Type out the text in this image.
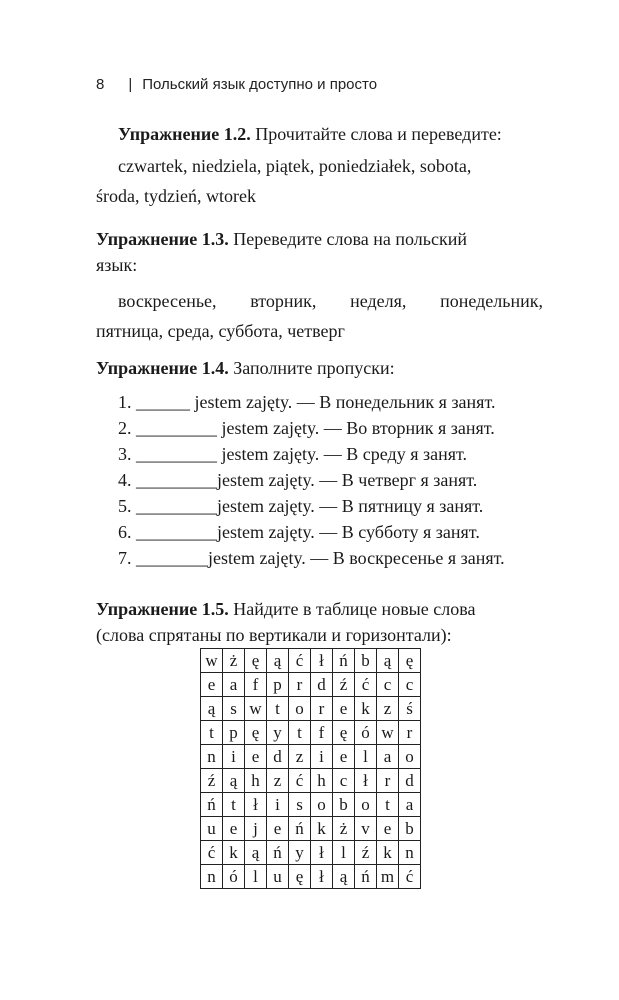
8 | Польский язык доступно и просто
Упражнение 1.2. Прочитайте слова и переведите:
czwartek, niedziela, piątek, poniedziałek, sobota,
środa, tydzień, wtorek
Упражнение 1.3. Переведите слова на польский
язык:
воскресенье, вторник, неделя, понедельник,
пятница, среда, суббота, четверг
Упражнение 1.4. Заполните пропуски:
1. ______ jestem zajęty. — В понедельник я занят.
2. _________ jestem zajęty. — Во вторник я занят.
3. _________ jestem zajęty. — В среду я занят.
4. _________jestem zajęty. — В четверг я занят.
5. _________jestem zajęty. — В пятницу я занят.
6. _________jestem zajęty. — В субботу я занят.
7. ________jestem zajęty. — В воскресенье я занят.
Упражнение 1.5. Найдите в таблице новые слова
(слова спрятаны по вертикали и горизонтали):
w	ż	ę	ą	ć	ł	ń	b	ą	ę
e	a	f	p	r	d	ź	ć	c	c
ą	s	w	t	o	r	e	k	z	ś
t	p	ę	y	t	f	ę	ó	w	r
n	i	e	d	z	i	e	l	a	o
ź	ą	h	z	ć	h	c	ł	r	d
ń	t	ł	i	s	o	b	o	t	a
u	e	j	e	ń	k	ż	v	e	b
ć	k	ą	ń	y	ł	l	ź	k	n
n	ó	l	u	ę	ł	ą	ń	m	ć
